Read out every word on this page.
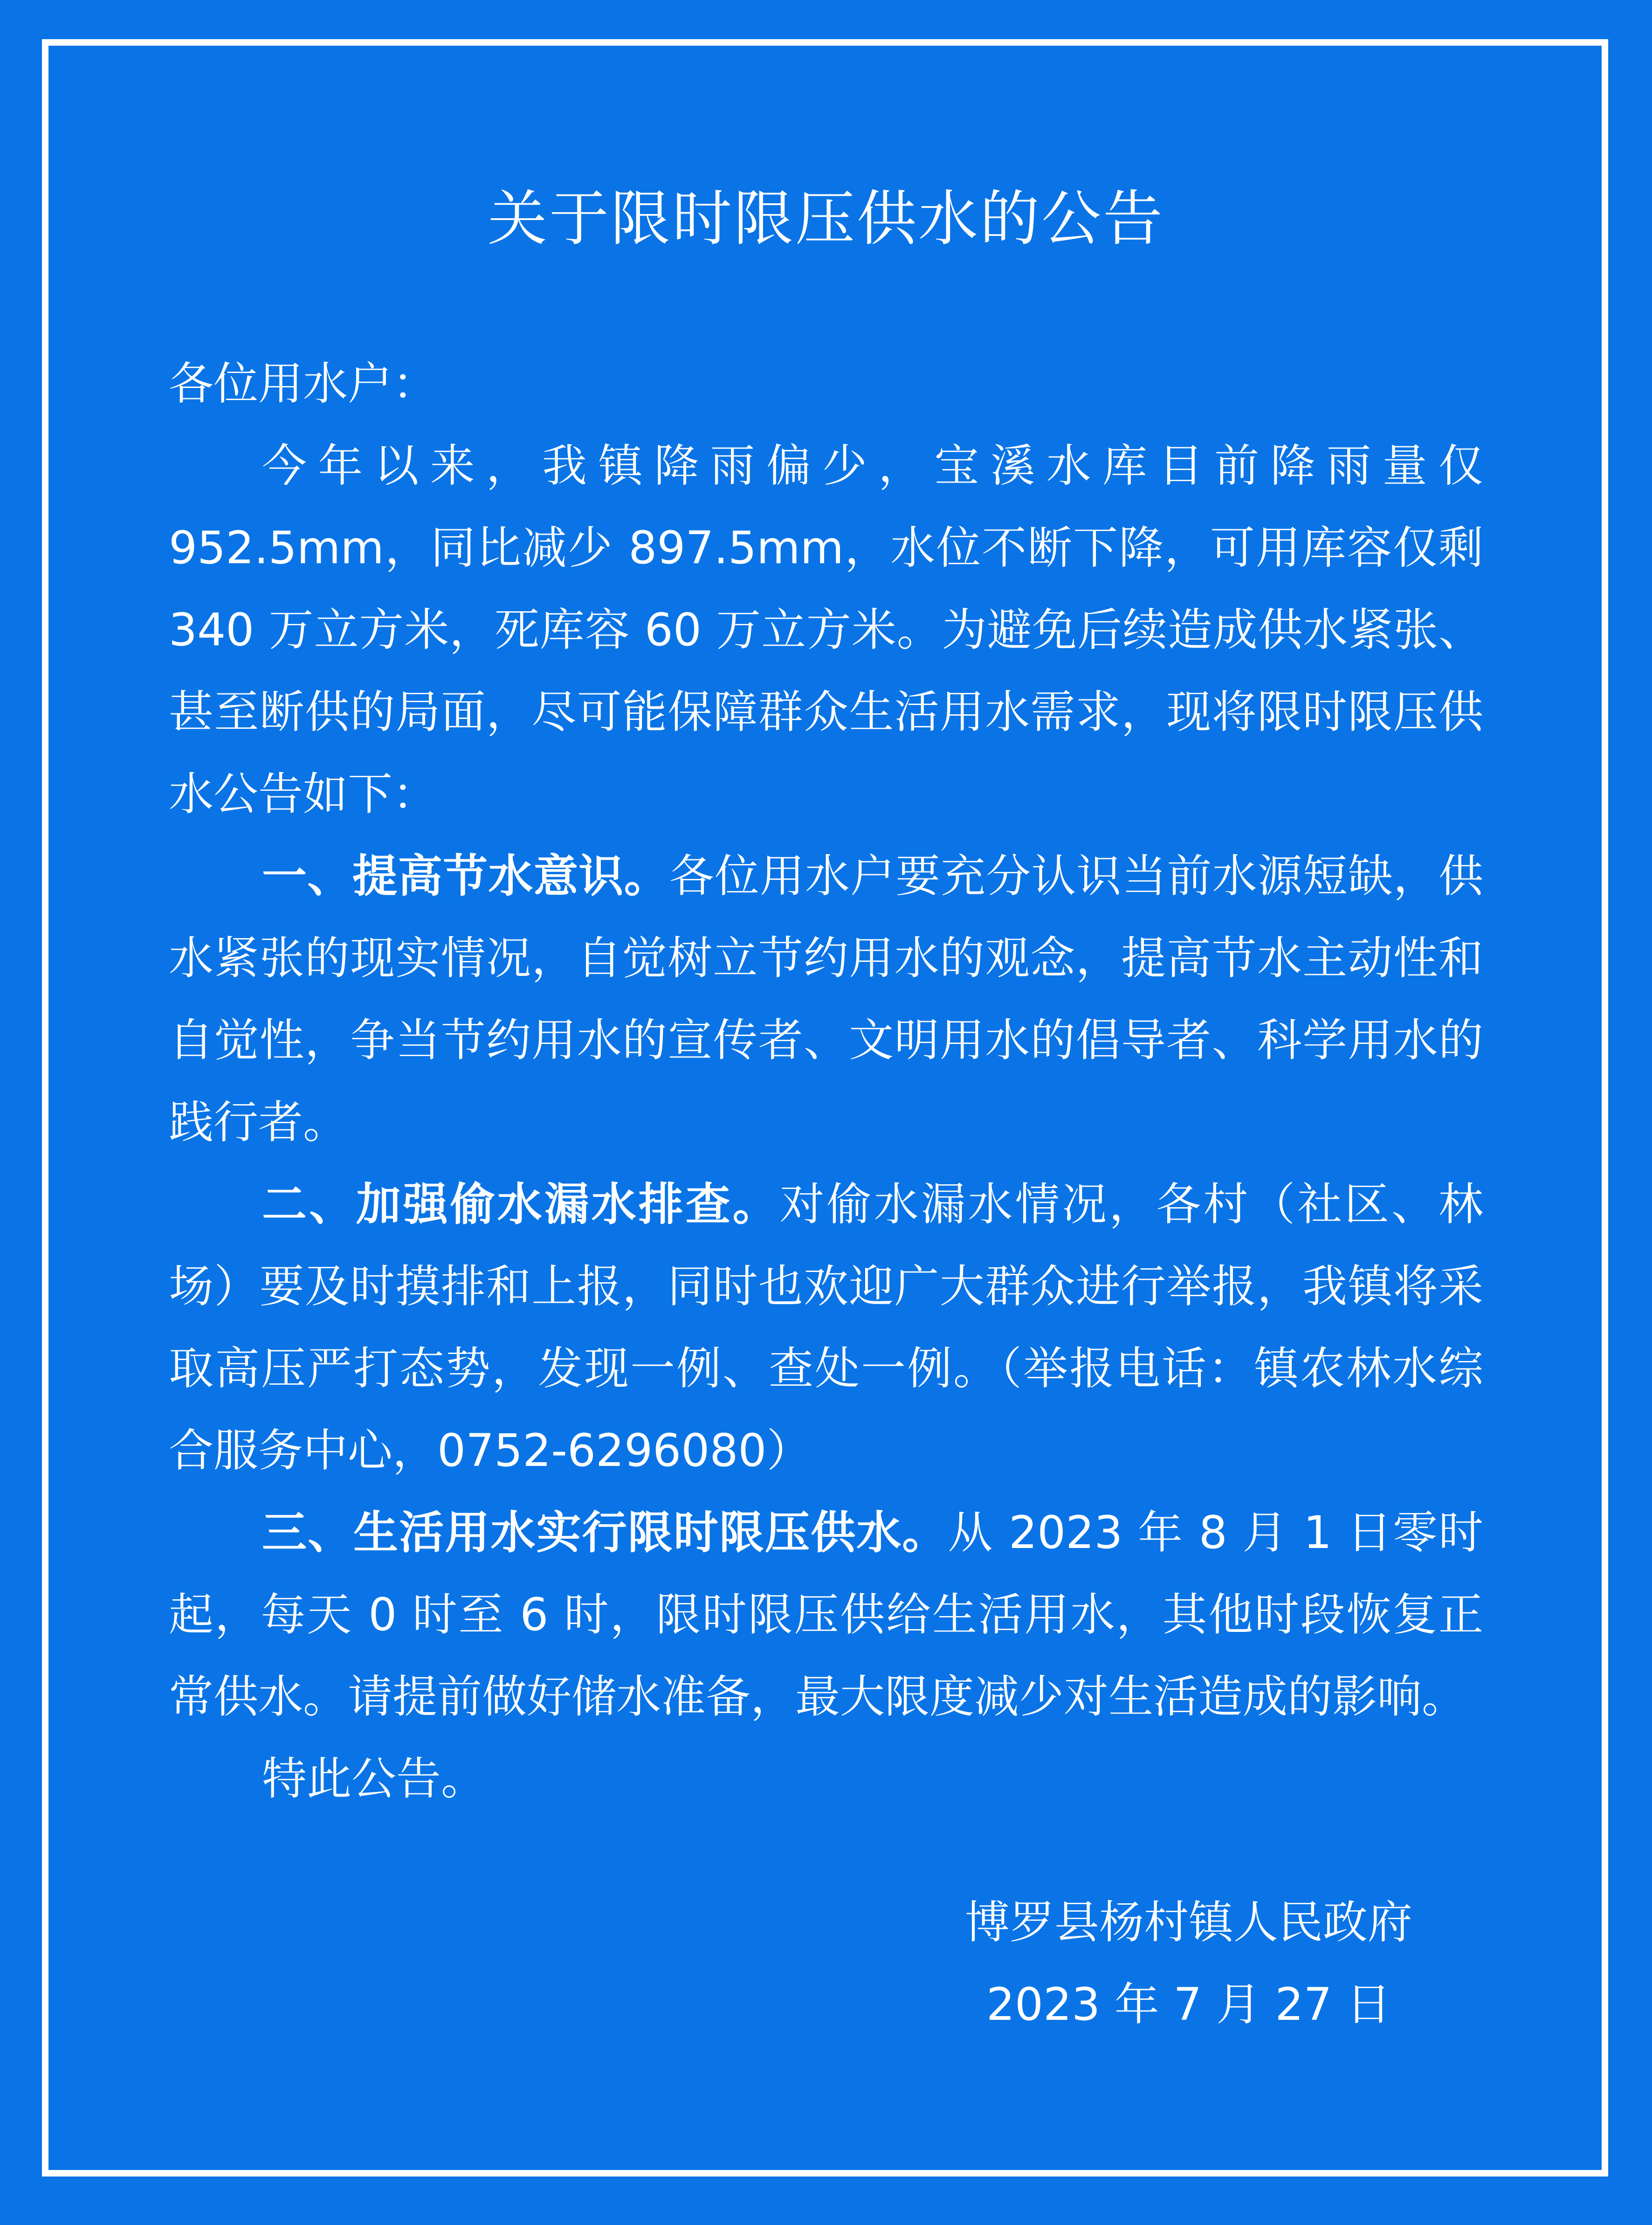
关于限时限压供水的公告

各位用水户：

今年以来，我镇降雨偏少，宝溪水库目前降雨量仅 952.5mm，同比减少 897.5mm，水位不断下降，可用库容仅剩 340 万立方米，死库容 60 万立方米。为避免后续造成供水紧张、甚至断供的局面，尽可能保障群众生活用水需求，现将限时限压供水公告如下：

一、提高节水意识。各位用水户要充分认识当前水源短缺，供水紧张的现实情况，自觉树立节约用水的观念，提高节水主动性和自觉性，争当节约用水的宣传者、文明用水的倡导者、科学用水的践行者。

二、加强偷水漏水排查。对偷水漏水情况，各村（社区、林场）要及时摸排和上报，同时也欢迎广大群众进行举报，我镇将采取高压严打态势，发现一例、查处一例。（举报电话：镇农林水综合服务中心，0752-6296080）

三、生活用水实行限时限压供水。从 2023 年 8 月 1 日零时起，每天 0 时至 6 时，限时限压供给生活用水，其他时段恢复正常供水。请提前做好储水准备，最大限度减少对生活造成的影响。

特此公告。

博罗县杨村镇人民政府
2023 年 7 月 27 日
